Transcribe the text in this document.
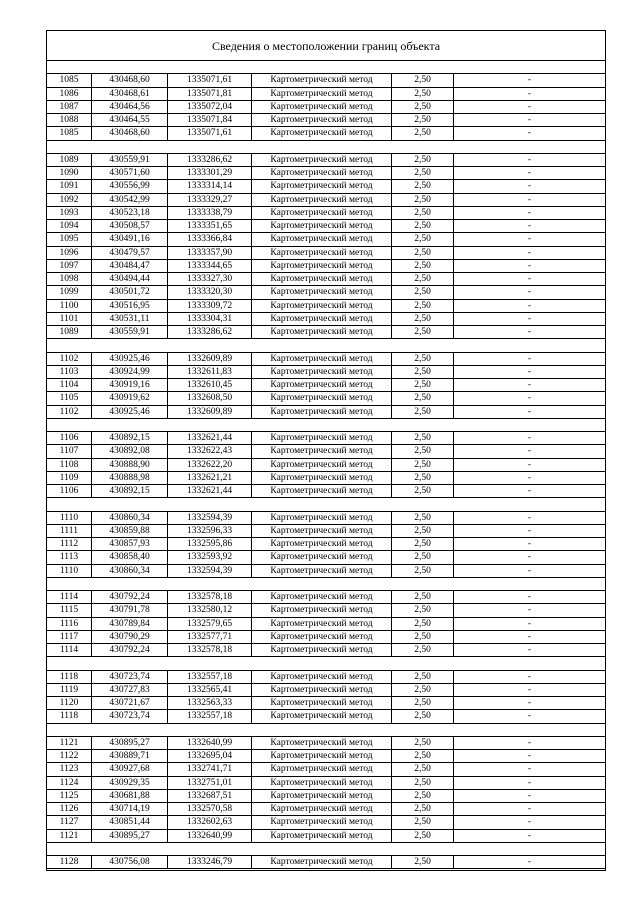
Сведения о местоположении границ объекта
1085	430468,60	1335071,61	Картометрический метод	2,50	-
1086	430468,61	1335071,81	Картометрический метод	2,50	-
1087	430464,56	1335072,04	Картометрический метод	2,50	-
1088	430464,55	1335071,84	Картометрический метод	2,50	-
1085	430468,60	1335071,61	Картометрический метод	2,50	-
1089	430559,91	1333286,62	Картометрический метод	2,50	-
1090	430571,60	1333301,29	Картометрический метод	2,50	-
1091	430556,99	1333314,14	Картометрический метод	2,50	-
1092	430542,99	1333329,27	Картометрический метод	2,50	-
1093	430523,18	1333338,79	Картометрический метод	2,50	-
1094	430508,57	1333351,65	Картометрический метод	2,50	-
1095	430491,16	1333366,84	Картометрический метод	2,50	-
1096	430479,57	1333357,90	Картометрический метод	2,50	-
1097	430484,47	1333344,65	Картометрический метод	2,50	-
1098	430494,44	1333327,30	Картометрический метод	2,50	-
1099	430501,72	1333320,30	Картометрический метод	2,50	-
1100	430516,95	1333309,72	Картометрический метод	2,50	-
1101	430531,11	1333304,31	Картометрический метод	2,50	-
1089	430559,91	1333286,62	Картометрический метод	2,50	-
1102	430925,46	1332609,89	Картометрический метод	2,50	-
1103	430924,99	1332611,83	Картометрический метод	2,50	-
1104	430919,16	1332610,45	Картометрический метод	2,50	-
1105	430919,62	1332608,50	Картометрический метод	2,50	-
1102	430925,46	1332609,89	Картометрический метод	2,50	-
1106	430892,15	1332621,44	Картометрический метод	2,50	-
1107	430892,08	1332622,43	Картометрический метод	2,50	-
1108	430888,90	1332622,20	Картометрический метод	2,50	-
1109	430888,98	1332621,21	Картометрический метод	2,50	-
1106	430892,15	1332621,44	Картометрический метод	2,50	-
1110	430860,34	1332594,39	Картометрический метод	2,50	-
1111	430859,88	1332596,33	Картометрический метод	2,50	-
1112	430857,93	1332595,86	Картометрический метод	2,50	-
1113	430858,40	1332593,92	Картометрический метод	2,50	-
1110	430860,34	1332594,39	Картометрический метод	2,50	-
1114	430792,24	1332578,18	Картометрический метод	2,50	-
1115	430791,78	1332580,12	Картометрический метод	2,50	-
1116	430789,84	1332579,65	Картометрический метод	2,50	-
1117	430790,29	1332577,71	Картометрический метод	2,50	-
1114	430792,24	1332578,18	Картометрический метод	2,50	-
1118	430723,74	1332557,18	Картометрический метод	2,50	-
1119	430727,83	1332565,41	Картометрический метод	2,50	-
1120	430721,67	1332563,33	Картометрический метод	2,50	-
1118	430723,74	1332557,18	Картометрический метод	2,50	-
1121	430895,27	1332640,99	Картометрический метод	2,50	-
1122	430889,71	1332695,04	Картометрический метод	2,50	-
1123	430927,68	1332741,71	Картометрический метод	2,50	-
1124	430929,35	1332751,01	Картометрический метод	2,50	-
1125	430681,88	1332687,51	Картометрический метод	2,50	-
1126	430714,19	1332570,58	Картометрический метод	2,50	-
1127	430851,44	1332602,63	Картометрический метод	2,50	-
1121	430895,27	1332640,99	Картометрический метод	2,50	-
1128	430756,08	1333246,79	Картометрический метод	2,50	-
